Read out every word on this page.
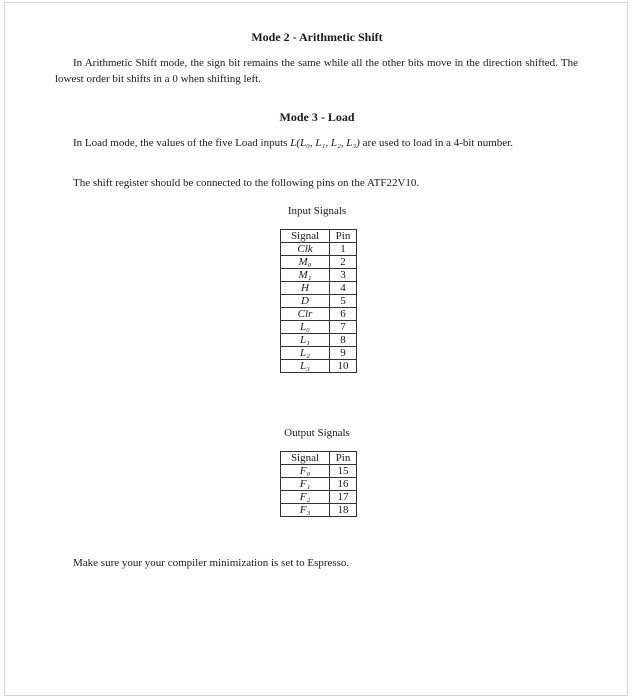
Mode 2 - Arithmetic Shift
In Arithmetic Shift mode, the sign bit remains the same while all the other bits move in the direction shifted. The lowest order bit shifts in a 0 when shifting left.
Mode 3 - Load
In Load mode, the values of the five Load inputs L(L₀, L₁, L₂, L₃) are used to load in a 4-bit number.
The shift register should be connected to the following pins on the ATF22V10.
Input Signals
Signal	Pin
Clk	1
M₀	2
M₁	3
H	4
D	5
Clr	6
L₀	7
L₁	8
L₂	9
L₃	10
Output Signals
Signal	Pin
F₀	15
F₁	16
F₂	17
F₃	18
Make sure your your compiler minimization is set to Espresso.
